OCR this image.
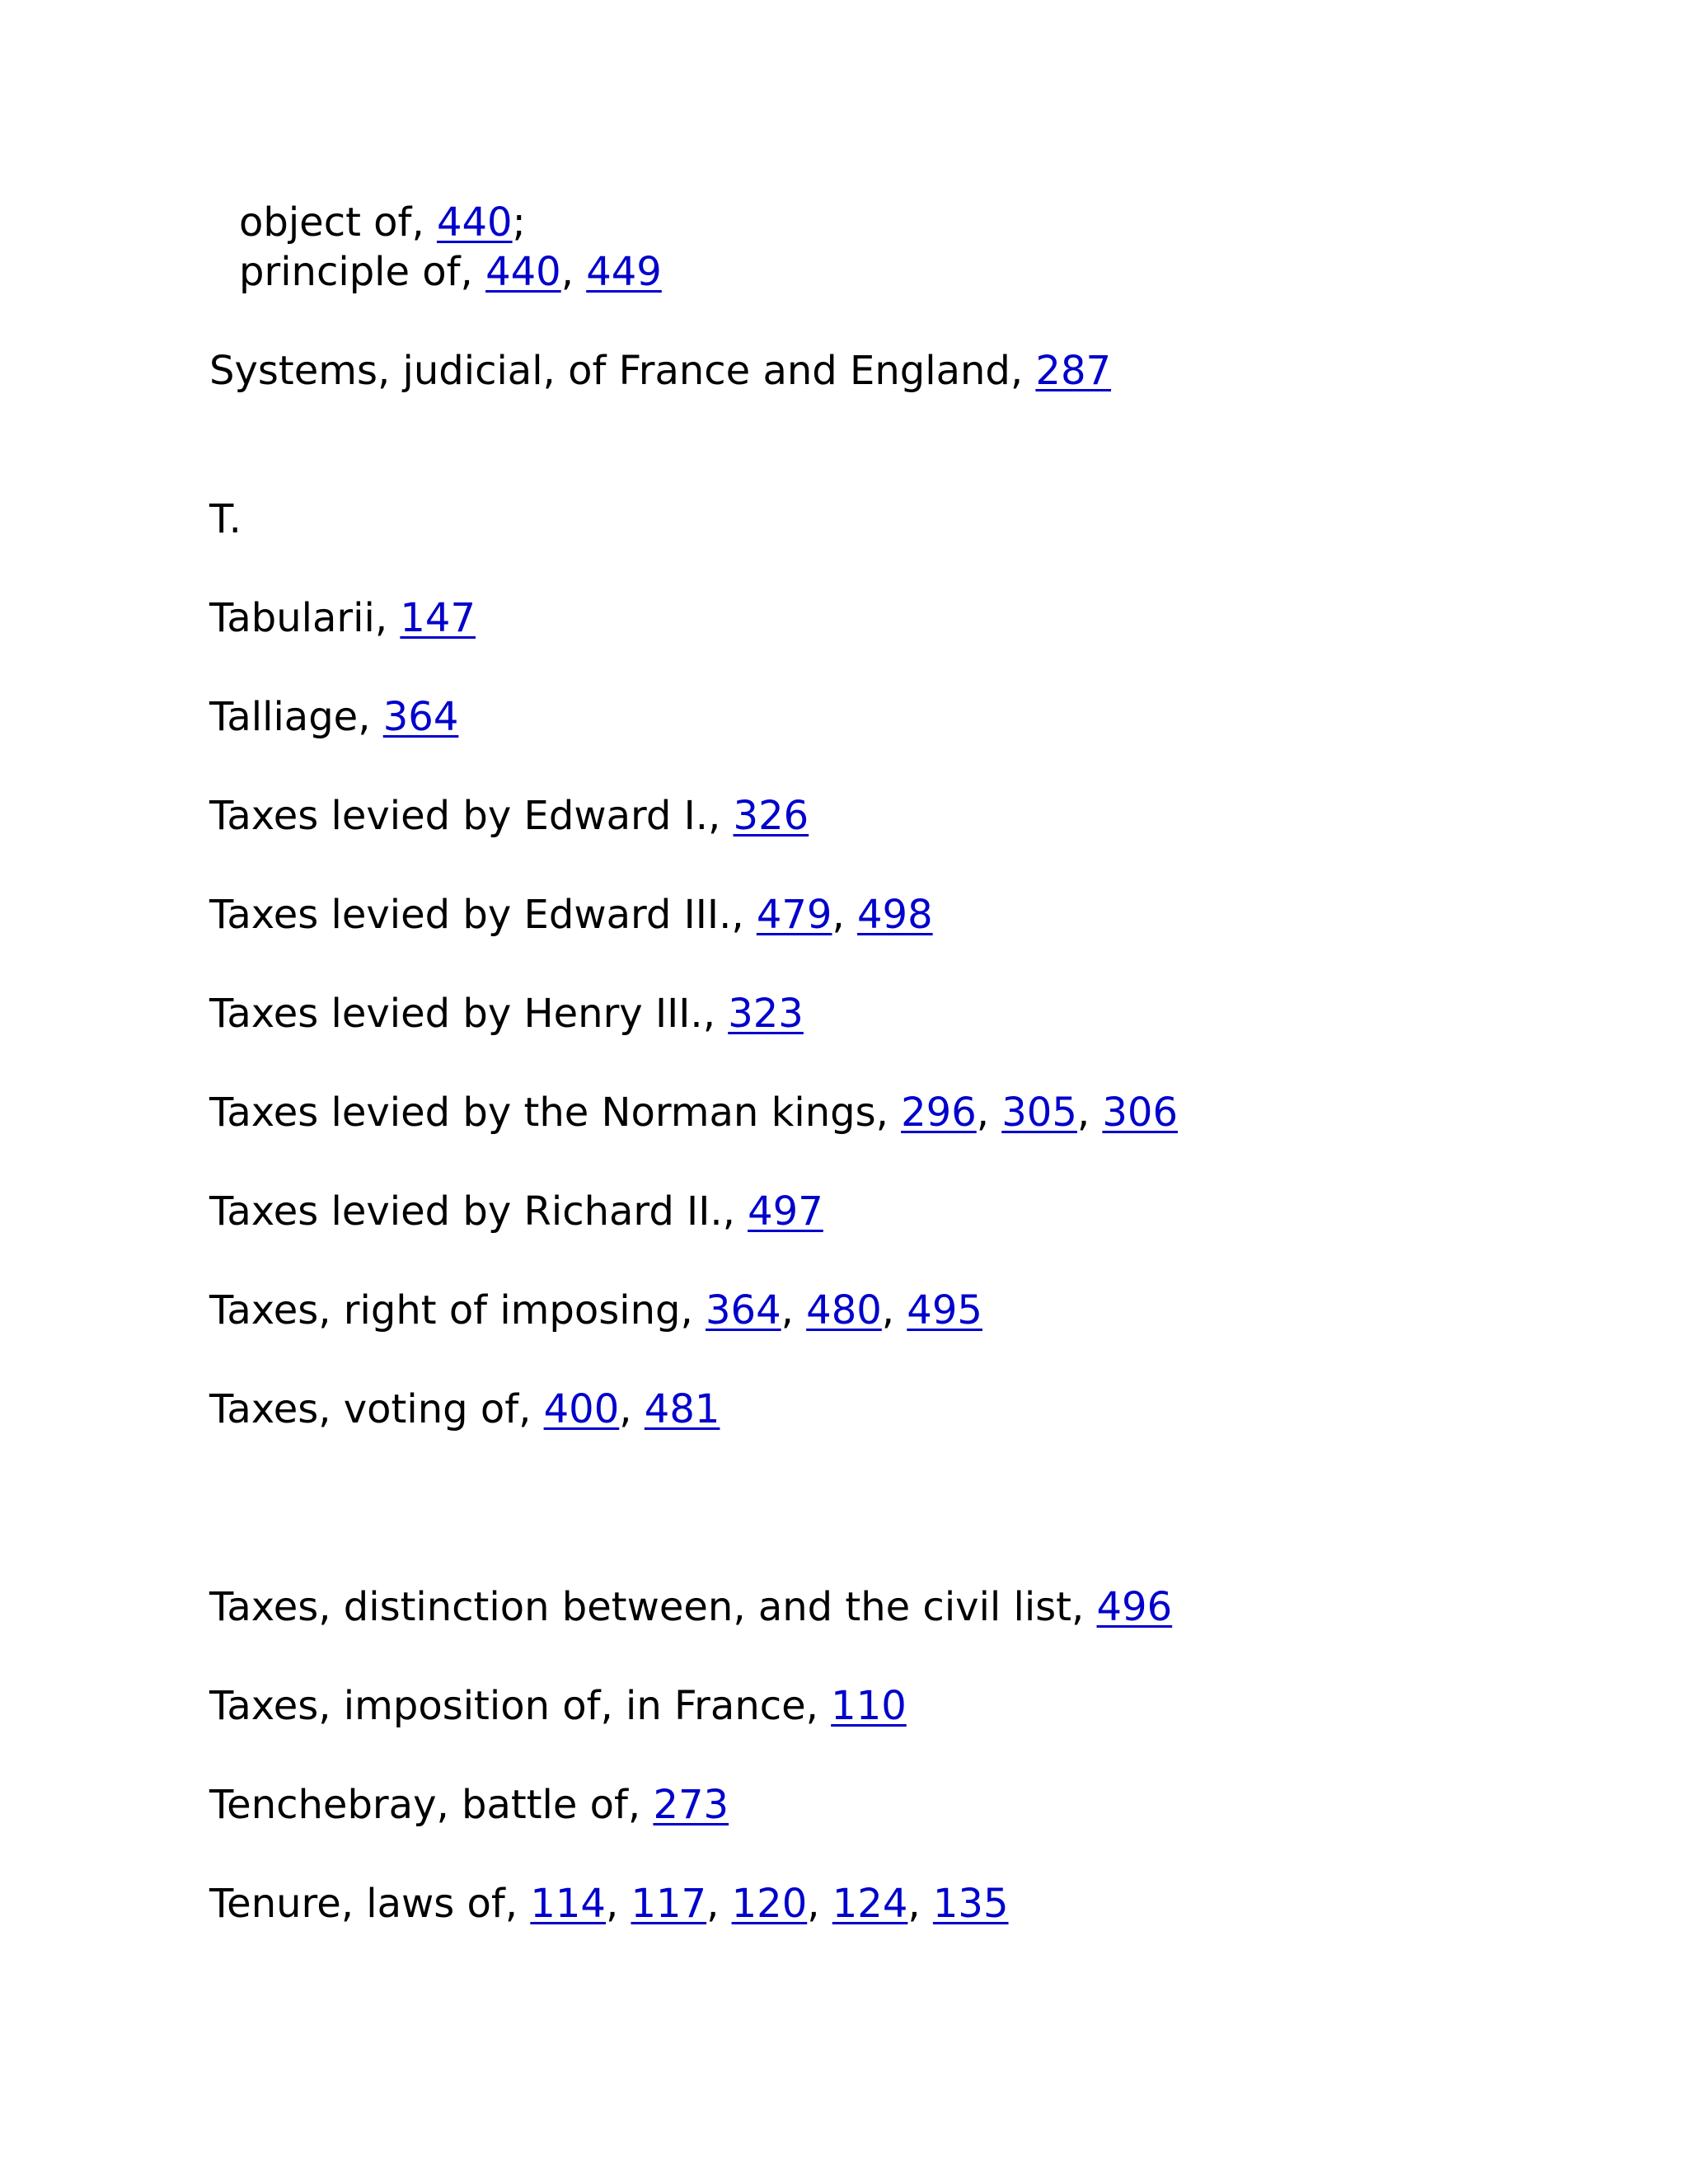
object of, 440;
principle of, 440, 449
Systems, judicial, of France and England, 287
T.
Tabularii, 147
Talliage, 364
Taxes levied by Edward I., 326
Taxes levied by Edward III., 479, 498
Taxes levied by Henry III., 323
Taxes levied by the Norman kings, 296, 305, 306
Taxes levied by Richard II., 497
Taxes, right of imposing, 364, 480, 495
Taxes, voting of, 400, 481
Taxes, distinction between, and the civil list, 496
Taxes, imposition of, in France, 110
Tenchebray, battle of, 273
Tenure, laws of, 114, 117, 120, 124, 135
